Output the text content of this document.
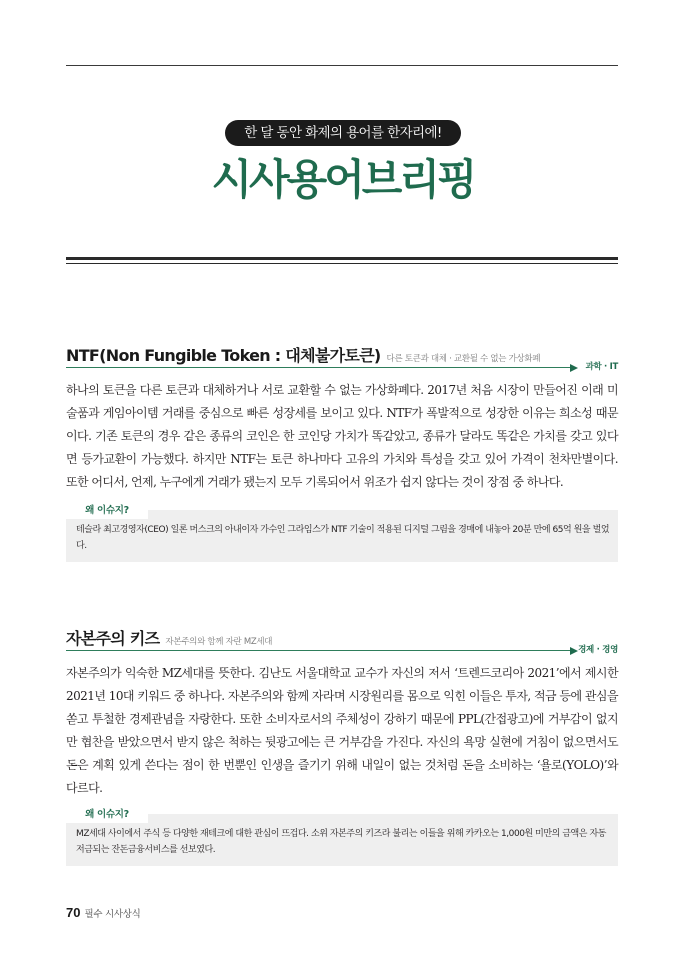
한 달 동안 화제의 용어를 한자리에!
시사용어브리핑
NTF(Non Fungible Token : 대체불가토큰) 다른 토큰과 대체 · 교환될 수 없는 가상화폐
과학 · IT

하나의 토큰을 다른 토큰과 대체하거나 서로 교환할 수 없는 가상화폐다. 2017년 처음 시장이 만들어진 이래 미술품과 게임아이템 거래를 중심으로 빠른 성장세를 보이고 있다. NTF가 폭발적으로 성장한 이유는 희소성 때문이다. 기존 토큰의 경우 같은 종류의 코인은 한 코인당 가치가 똑같았고, 종류가 달라도 똑같은 가치를 갖고 있다면 등가교환이 가능했다. 하지만 NTF는 토큰 하나마다 고유의 가치와 특성을 갖고 있어 가격이 천차만별이다. 또한 어디서, 언제, 누구에게 거래가 됐는지 모두 기록되어서 위조가 쉽지 않다는 것이 장점 중 하나다.

왜 이슈지?

테슬라 최고경영자(CEO) 일론 머스크의 아내이자 가수인 그라임스가 NTF 기술이 적용된 디지털 그림을 경매에 내놓아 20분 만에 65억 원을 벌었다.

자본주의 키즈 자본주의와 함께 자란 MZ세대
경제 · 경영

자본주의가 익숙한 MZ세대를 뜻한다. 김난도 서울대학교 교수가 자신의 저서 ‘트렌드코리아 2021’에서 제시한 2021년 10대 키워드 중 하나다. 자본주의와 함께 자라며 시장원리를 몸으로 익힌 이들은 투자, 적금 등에 관심을 쏟고 투철한 경제관념을 자랑한다. 또한 소비자로서의 주체성이 강하기 때문에 PPL(간접광고)에 거부감이 없지만 협찬을 받았으면서 받지 않은 척하는 뒷광고에는 큰 거부감을 가진다. 자신의 욕망 실현에 거침이 없으면서도 돈은 계획 있게 쓴다는 점이 한 번뿐인 인생을 즐기기 위해 내일이 없는 것처럼 돈을 소비하는 ‘욜로(YOLO)’와 다르다.

왜 이슈지?

MZ세대 사이에서 주식 등 다양한 재테크에 대한 관심이 뜨겁다. 소위 자본주의 키즈라 불리는 이들을 위해 카카오는 1,000원 미만의 금액은 자동 저금되는 잔돈금융서비스를 선보였다.

70 필수 시사상식
